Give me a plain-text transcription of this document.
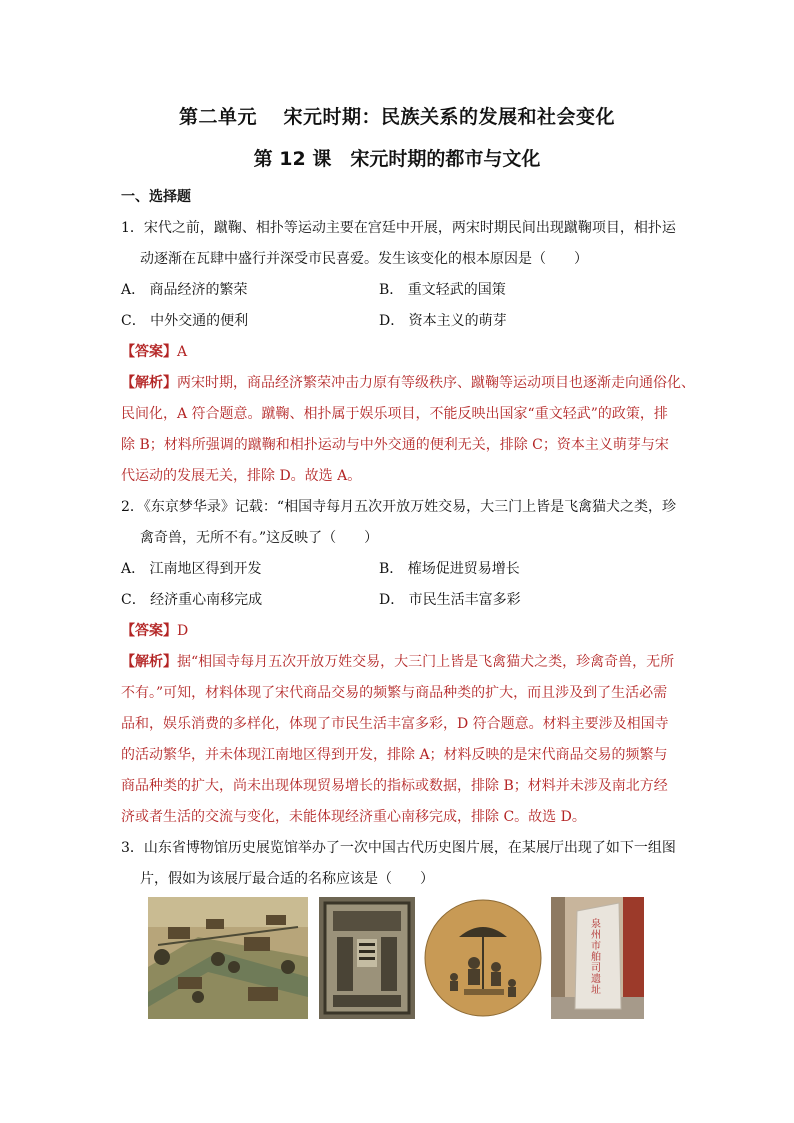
第二单元　 宋元时期：民族关系的发展和社会变化
第 12 课　宋元时期的都市与文化
一、选择题
1．宋代之前，蹴鞠、相扑等运动主要在宫廷中开展，两宋时期民间出现蹴鞠项目，相扑运
动逐渐在瓦肆中盛行并深受市民喜爱。发生该变化的根本原因是（　　）
A． 商品经济的繁荣	B． 重文轻武的国策
C． 中外交通的便利	D． 资本主义的萌芽
【答案】A
【解析】两宋时期，商品经济繁荣冲击力原有等级秩序、蹴鞠等运动项目也逐渐走向通俗化、
民间化，A 符合题意。蹴鞠、相扑属于娱乐项目，不能反映出国家“重文轻武”的政策，排
除 B；材料所强调的蹴鞠和相扑运动与中外交通的便利无关，排除 C；资本主义萌芽与宋
代运动的发展无关，排除 D。故选 A。
2．《东京梦华录》记载：“相国寺每月五次开放万姓交易，大三门上皆是飞禽猫犬之类，珍
禽奇兽，无所不有。”这反映了（　　）
A． 江南地区得到开发	B． 榷场促进贸易增长
C． 经济重心南移完成	D． 市民生活丰富多彩
【答案】D
【解析】据“相国寺每月五次开放万姓交易，大三门上皆是飞禽猫犬之类，珍禽奇兽，无所
不有。”可知，材料体现了宋代商品交易的频繁与商品种类的扩大，而且涉及到了生活必需
品和，娱乐消费的多样化，体现了市民生活丰富多彩，D 符合题意。材料主要涉及相国寺
的活动繁华，并未体现江南地区得到开发，排除 A；材料反映的是宋代商品交易的频繁与
商品种类的扩大，尚未出现体现贸易增长的指标或数据，排除 B；材料并未涉及南北方经
济或者生活的交流与变化，未能体现经济重心南移完成，排除 C。故选 D。
3．山东省博物馆历史展览馆举办了一次中国古代历史图片展，在某展厅出现了如下一组图
片，假如为该展厅最合适的名称应该是（　　）
泉州市舶司遗址
